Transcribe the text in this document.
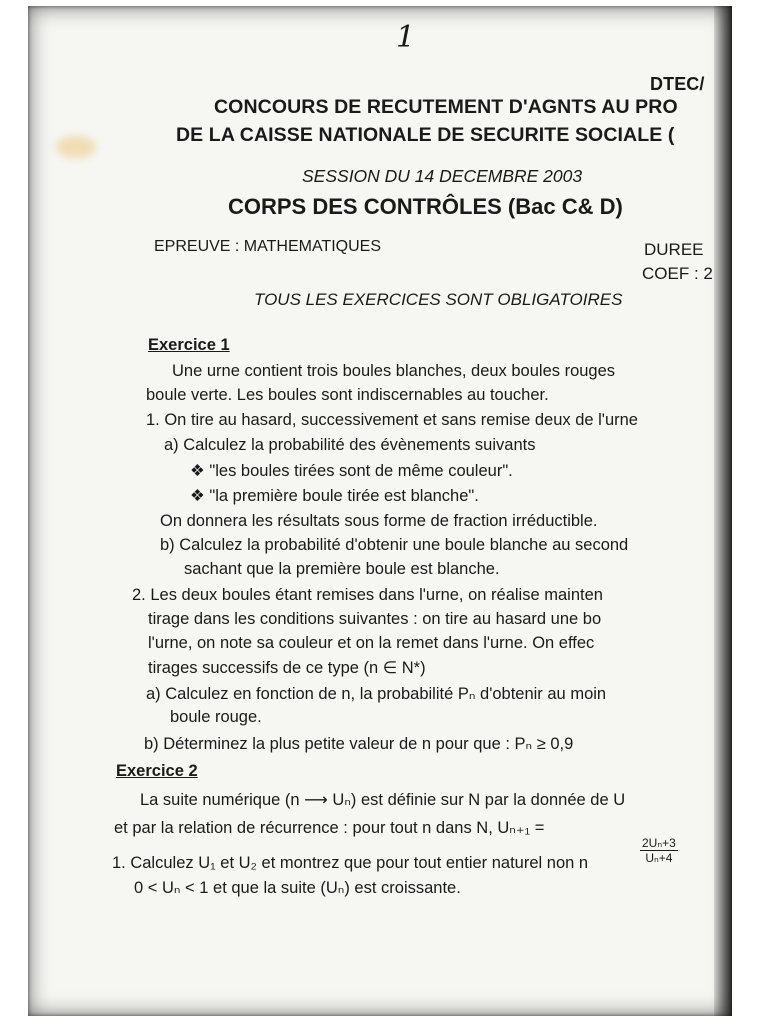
1
DTEC/
CONCOURS DE RECUTEMENT D'AGNTS AU PRO
DE LA CAISSE NATIONALE DE SECURITE SOCIALE (
SESSION DU 14 DECEMBRE 2003
CORPS DES CONTRÔLES (Bac C& D)
EPREUVE : MATHEMATIQUES	DUREE
COEF : 2
TOUS LES EXERCICES SONT OBLIGATOIRES
Exercice 1
Une urne contient trois boules blanches, deux boules rouges
boule verte. Les boules sont indiscernables au toucher.
1. On tire au hasard, successivement et sans remise deux de l'urne
a) Calculez la probabilité des évènements suivants
❖ "les boules tirées sont de même couleur".
❖ "la première boule tirée est blanche".
On donnera les résultats sous forme de fraction irréductible.
b) Calculez la probabilité d'obtenir une boule blanche au second
sachant que la première boule est blanche.
2. Les deux boules étant remises dans l'urne, on réalise mainten
tirage dans les conditions suivantes : on tire au hasard une bo
l'urne, on note sa couleur et on la remet dans l'urne. On effec
tirages successifs de ce type (n ∈ N*)
a) Calculez en fonction de n, la probabilité Pₙ d'obtenir au moin
boule rouge.
b) Déterminez la plus petite valeur de n pour que : Pₙ ≥ 0,9
Exercice 2
La suite numérique (n ⟶ Uₙ) est définie sur N par la donnée de U
et par la relation de récurrence : pour tout n dans N, Uₙ₊₁ =
$\frac{\text{2Uₙ+3}}{\text{Uₙ+4}}$
1. Calculez U₁ et U₂ et montrez que pour tout entier naturel non n
0 < Uₙ < 1 et que la suite (Uₙ) est croissante.
